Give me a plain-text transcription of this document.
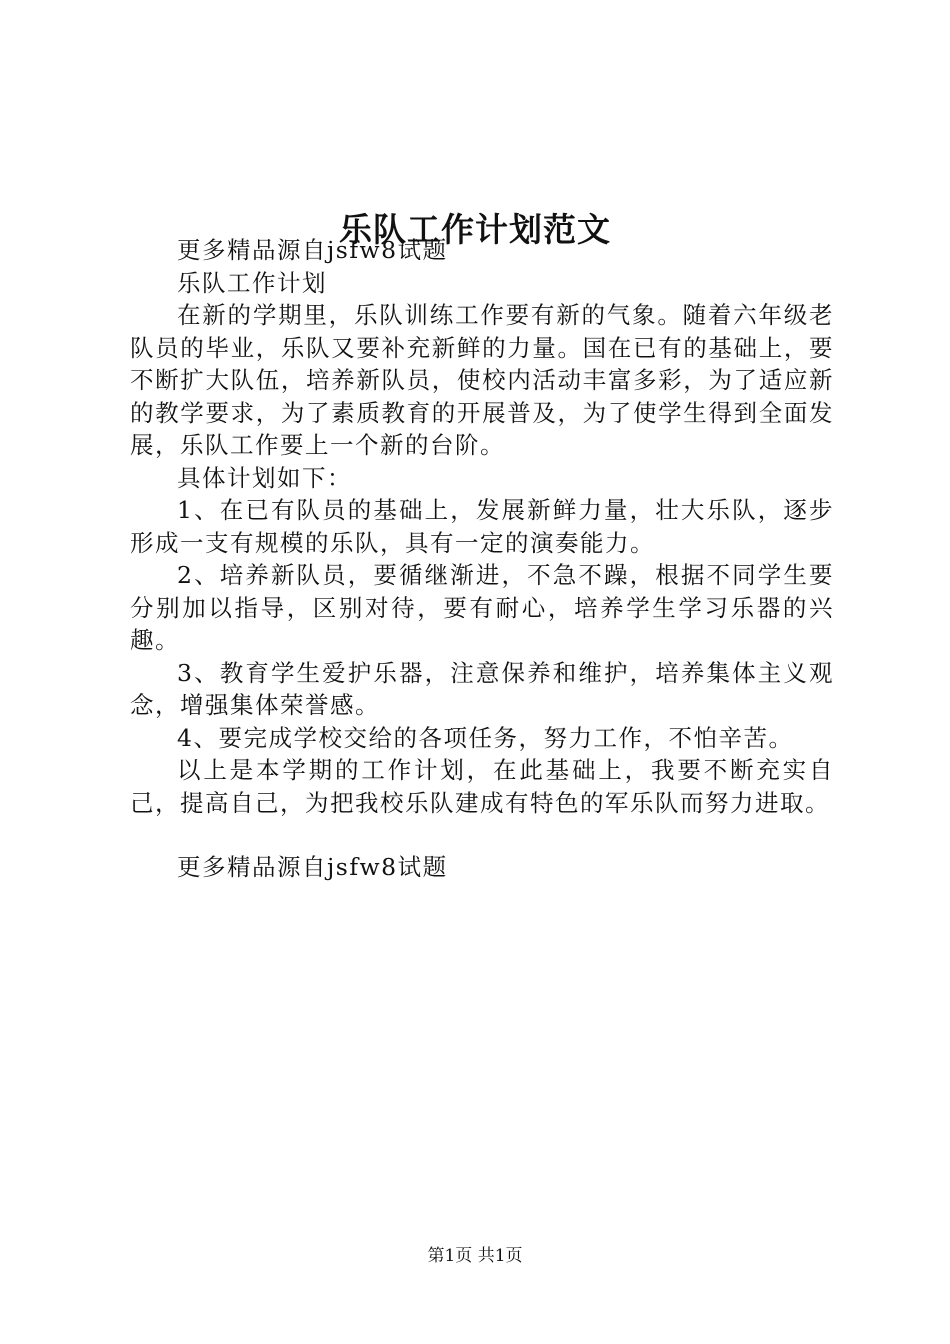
乐队工作计划范文

更多精品源自jsfw8试题

乐队工作计划

在新的学期里，乐队训练工作要有新的气象。随着六年级老队员的毕业，乐队又要补充新鲜的力量。国在已有的基础上，要不断扩大队伍，培养新队员，使校内活动丰富多彩，为了适应新的教学要求，为了素质教育的开展普及，为了使学生得到全面发展，乐队工作要上一个新的台阶。

具体计划如下：

1、在已有队员的基础上，发展新鲜力量，壮大乐队，逐步形成一支有规模的乐队，具有一定的演奏能力。

2、培养新队员，要循继渐进，不急不躁，根据不同学生要分别加以指导，区别对待，要有耐心，培养学生学习乐器的兴趣。

3、教育学生爱护乐器，注意保养和维护，培养集体主义观念，增强集体荣誉感。

4、要完成学校交给的各项任务，努力工作，不怕辛苦。

以上是本学期的工作计划，在此基础上，我要不断充实自己，提高自己，为把我校乐队建成有特色的军乐队而努力进取。

更多精品源自jsfw8试题

第1页 共1页
